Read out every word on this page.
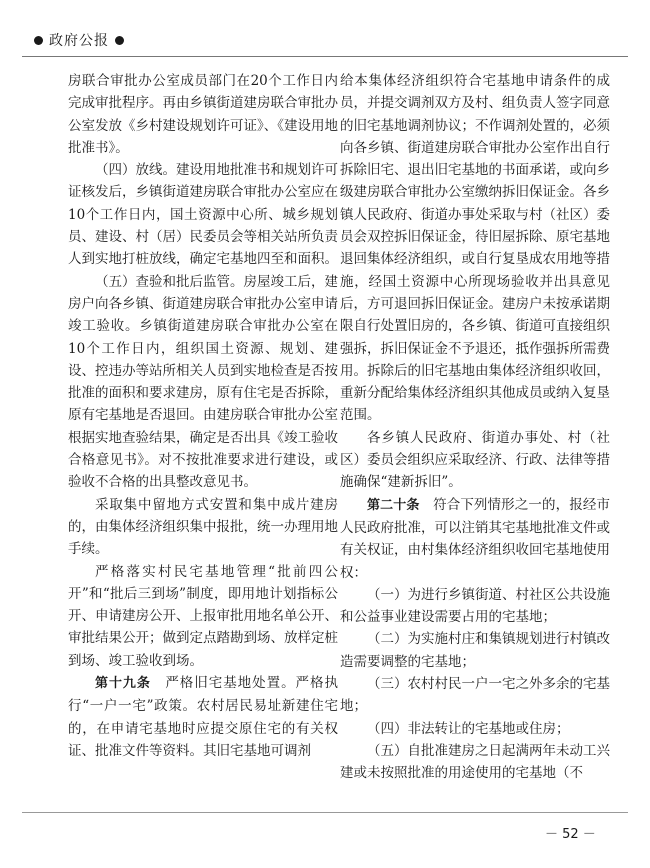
政府公报

房联合审批办公室成员部门在20个工作日内完成审批程序。再由乡镇街道建房联合审批办公室发放《乡村建设规划许可证》、《建设用地批准书》。

（四）放线。建设用地批准书和规划许可证核发后，乡镇街道建房联合审批办公室应在10个工作日内，国土资源中心所、城乡规划员、建设、村（居）民委员会等相关站所负责人到实地打桩放线，确定宅基地四至和面积。

（五）查验和批后监管。房屋竣工后，建房户向各乡镇、街道建房联合审批办公室申请竣工验收。乡镇街道建房联合审批办公室在10个工作日内，组织国土资源、规划、建设、控违办等站所相关人员到实地检查是否按批准的面积和要求建房，原有住宅是否拆除，原有宅基地是否退回。由建房联合审批办公室根据实地查验结果，确定是否出具《竣工验收合格意见书》。对不按批准要求进行建设，或验收不合格的出具整改意见书。

采取集中留地方式安置和集中成片建房的，由集体经济组织集中报批，统一办理用地手续。

严格落实村民宅基地管理“批前四公开”和“批后三到场”制度，即用地计划指标公开、申请建房公开、上报审批用地名单公开、审批结果公开；做到定点踏勘到场、放样定桩到场、竣工验收到场。

第十九条　严格旧宅基地处置。严格执行“一户一宅”政策。农村居民易址新建住宅的，在申请宅基地时应提交原住宅的有关权证、批准文件等资料。其旧宅基地可调剂

给本集体经济组织符合宅基地申请条件的成员，并提交调剂双方及村、组负责人签字同意的旧宅基地调剂协议；不作调剂处置的，必须向各乡镇、街道建房联合审批办公室作出自行拆除旧宅、退出旧宅基地的书面承诺，或向乡级建房联合审批办公室缴纳拆旧保证金。各乡镇人民政府、街道办事处采取与村（社区）委员会双控拆旧保证金，待旧屋拆除、原宅基地退回集体经济组织，或自行复垦成农用地等措施，经国土资源中心所现场验收并出具意见后，方可退回拆旧保证金。建房户未按承诺期限自行处置旧房的，各乡镇、街道可直接组织强拆，拆旧保证金不予退还，抵作强拆所需费用。拆除后的旧宅基地由集体经济组织收回，重新分配给集体经济组织其他成员或纳入复垦范围。

各乡镇人民政府、街道办事处、村（社区）委员会组织应采取经济、行政、法律等措施确保“建新拆旧”。

第二十条　符合下列情形之一的，报经市人民政府批准，可以注销其宅基地批准文件或有关权证，由村集体经济组织收回宅基地使用权：

（一）为进行乡镇街道、村社区公共设施和公益事业建设需要占用的宅基地；

（二）为实施村庄和集镇规划进行村镇改造需要调整的宅基地；

（三）农村村民一户一宅之外多余的宅基地；

（四）非法转让的宅基地或住房；

（五）自批准建房之日起满两年未动工兴建或未按照批准的用途使用的宅基地（不

－ 52 －
